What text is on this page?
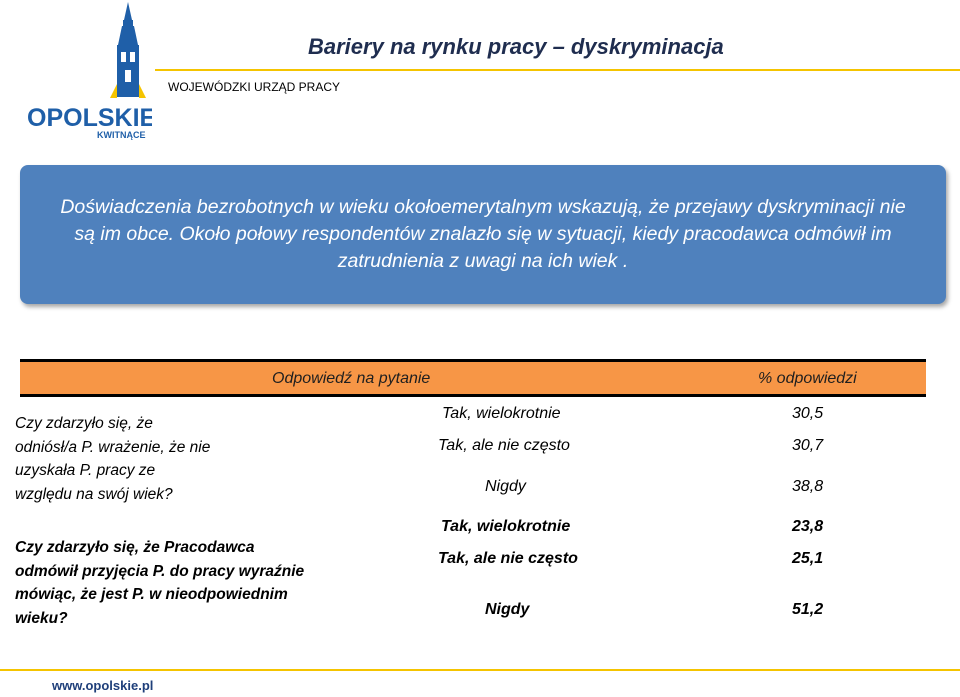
OPOLSKIE
KWITNĄCE
WOJEWÓDZKI URZĄD PRACY
Bariery na rynku pracy – dyskryminacja
Doświadczenia bezrobotnych w wieku okołoemerytalnym wskazują, że przejawy dyskryminacji nie są im obce. Około połowy respondentów znalazło się w sytuacji, kiedy pracodawca odmówił im zatrudnienia z uwagi na ich wiek .
Odpowiedź na pytanie	% odpowiedzi
Czy zdarzyło się, że odniósł/a P. wrażenie, że nie uzyskała P. pracy ze względu na swój wiek?
Tak, wielokrotnie	30,5
Tak, ale nie często	30,7
Nigdy	38,8
Czy zdarzyło się, że Pracodawca odmówił przyjęcia P. do pracy wyraźnie mówiąc, że jest P. w nieodpowiednim wieku?
Tak, wielokrotnie	23,8
Tak, ale nie często	25,1
Nigdy	51,2
www.opolskie.pl
